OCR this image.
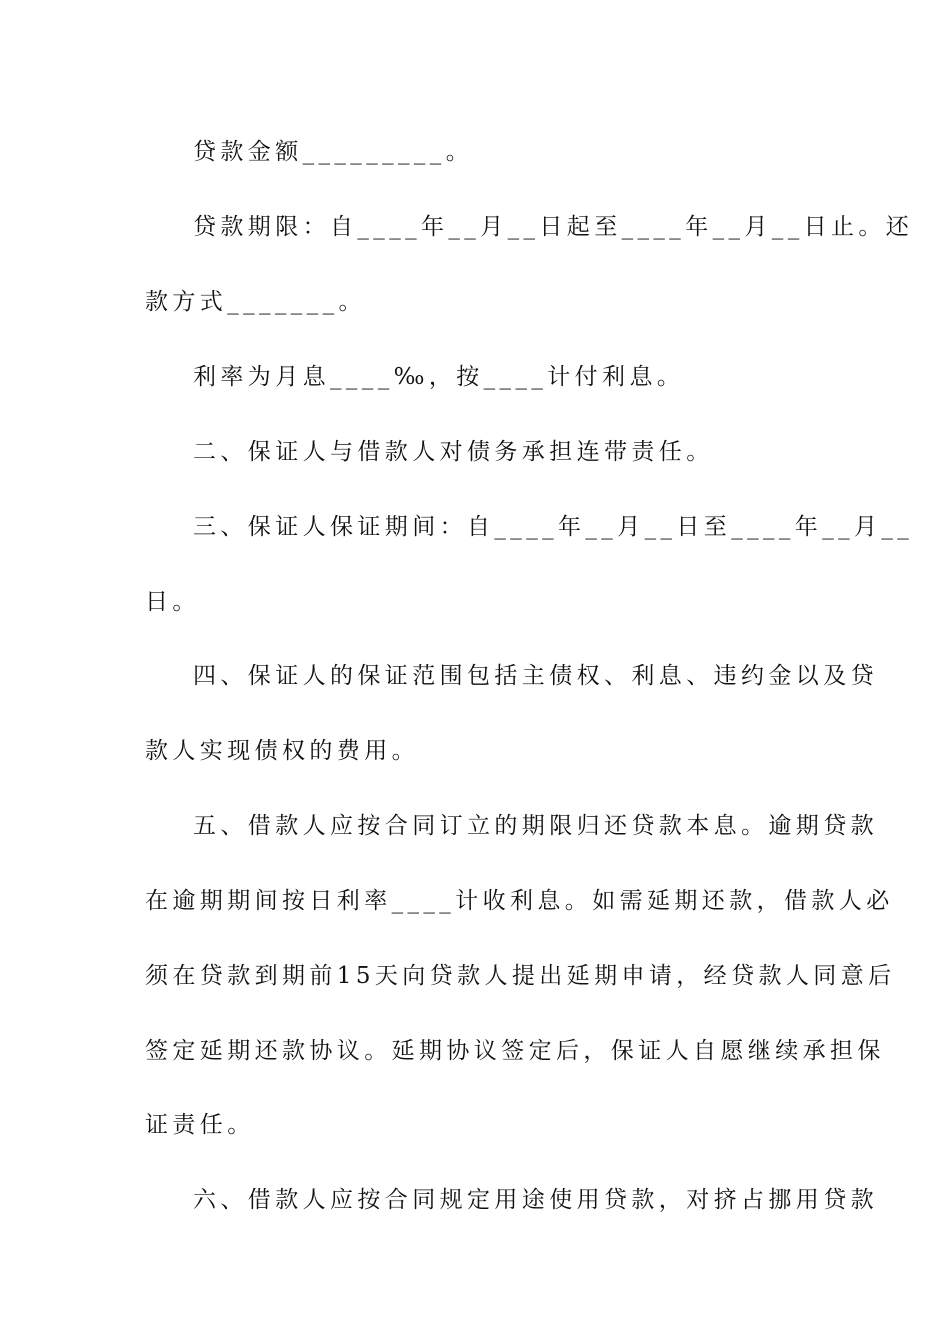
贷款金额_________。
贷款期限：自____年__月__日起至____年__月__日止。还
款方式_______。
利率为月息____‰，按____计付利息。
二、保证人与借款人对债务承担连带责任。
三、保证人保证期间：自____年__月__日至____年__月__
日。
四、保证人的保证范围包括主债权、利息、违约金以及贷
款人实现债权的费用。
五、借款人应按合同订立的期限归还贷款本息。逾期贷款
在逾期期间按日利率____计收利息。如需延期还款，借款人必
须在贷款到期前15天向贷款人提出延期申请，经贷款人同意后
签定延期还款协议。延期协议签定后，保证人自愿继续承担保
证责任。
六、借款人应按合同规定用途使用贷款，对挤占挪用贷款
